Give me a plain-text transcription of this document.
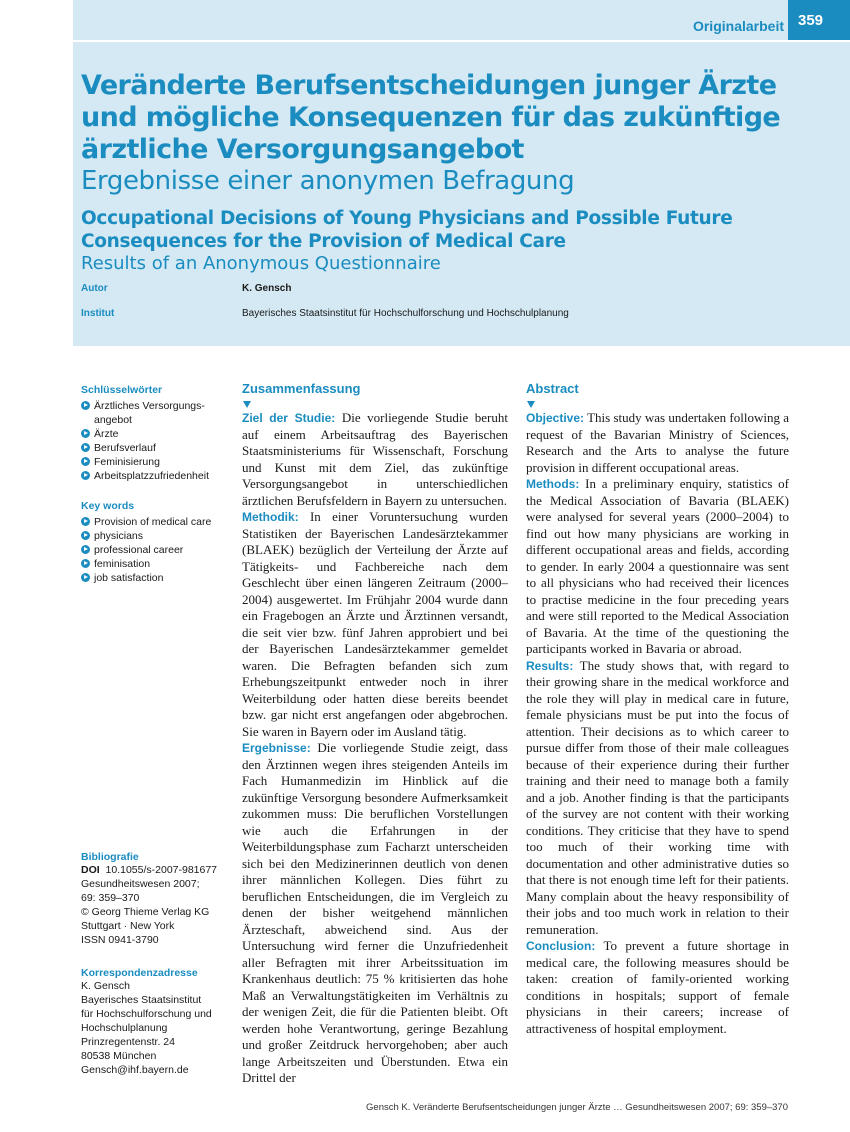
Originalarbeit 359
Veränderte Berufsentscheidungen junger Ärzte und mögliche Konsequenzen für das zukünftige ärztliche Versorgungsangebot
Ergebnisse einer anonymen Befragung
Occupational Decisions of Young Physicians and Possible Future Consequences for the Provision of Medical Care
Results of an Anonymous Questionnaire
Autor	K. Gensch
Institut	Bayerisches Staatsinstitut für Hochschulforschung und Hochschulplanung
Schlüsselwörter
Ärztliches Versorgungs-angebot
Ärzte
Berufsverlauf
Feminisierung
Arbeitsplatzzufriedenheit
Key words
Provision of medical care
physicians
professional career
feminisation
job satisfaction
Bibliografie
DOI 10.1055/s-2007-981677
Gesundheitswesen 2007;
69: 359–370
© Georg Thieme Verlag KG
Stuttgart · New York
ISSN 0941-3790
Korrespondenzadresse
K. Gensch
Bayerisches Staatsinstitut
für Hochschulforschung und
Hochschulplanung
Prinzregentenstr. 24
80538 München
Gensch@ihf.bayern.de
Zusammenfassung
Ziel der Studie: Die vorliegende Studie beruht auf einem Arbeitsauftrag des Bayerischen Staatsministeriums für Wissenschaft, Forschung und Kunst mit dem Ziel, das zukünftige Versorgungsangebot in unterschiedlichen ärztlichen Berufsfeldern in Bayern zu untersuchen.
Methodik: In einer Voruntersuchung wurden Statistiken der Bayerischen Landesärztekammer (BLAEK) bezüglich der Verteilung der Ärzte auf Tätigkeits- und Fachbereiche nach dem Geschlecht über einen längeren Zeitraum (2000–2004) ausgewertet. Im Frühjahr 2004 wurde dann ein Fragebogen an Ärzte und Ärztinnen versandt, die seit vier bzw. fünf Jahren approbiert und bei der Bayerischen Landesärztekammer gemeldet waren. Die Befragten befanden sich zum Erhebungszeitpunkt entweder noch in ihrer Weiterbildung oder hatten diese bereits beendet bzw. gar nicht erst angefangen oder abgebrochen. Sie waren in Bayern oder im Ausland tätig.
Ergebnisse: Die vorliegende Studie zeigt, dass den Ärztinnen wegen ihres steigenden Anteils im Fach Humanmedizin im Hinblick auf die zukünftige Versorgung besondere Aufmerksamkeit zukommen muss: Die beruflichen Vorstellungen wie auch die Erfahrungen in der Weiterbildungsphase zum Facharzt unterscheiden sich bei den Medizinerinnen deutlich von denen ihrer männlichen Kollegen. Dies führt zu beruflichen Entscheidungen, die im Vergleich zu denen der bisher weitgehend männlichen Ärzteschaft, abweichend sind. Aus der Untersuchung wird ferner die Unzufriedenheit aller Befragten mit ihrer Arbeitssituation im Krankenhaus deutlich: 75 % kritisierten das hohe Maß an Verwaltungstätigkeiten im Verhältnis zu der wenigen Zeit, die für die Patienten bleibt. Oft werden hohe Verantwortung, geringe Bezahlung und großer Zeitdruck hervorgehoben; aber auch lange Arbeitszeiten und Überstunden. Etwa ein Drittel der
Abstract
Objective: This study was undertaken following a request of the Bavarian Ministry of Sciences, Research and the Arts to analyse the future provision in different occupational areas.
Methods: In a preliminary enquiry, statistics of the Medical Association of Bavaria (BLAEK) were analysed for several years (2000–2004) to find out how many physicians are working in different occupational areas and fields, according to gender. In early 2004 a questionnaire was sent to all physicians who had received their licences to practise medicine in the four preceding years and were still reported to the Medical Association of Bavaria. At the time of the questioning the participants worked in Bavaria or abroad.
Results: The study shows that, with regard to their growing share in the medical workforce and the role they will play in medical care in future, female physicians must be put into the focus of attention. Their decisions as to which career to pursue differ from those of their male colleagues because of their experience during their further training and their need to manage both a family and a job. Another finding is that the participants of the survey are not content with their working conditions. They criticise that they have to spend too much of their working time with documentation and other administrative duties so that there is not enough time left for their patients. Many complain about the heavy responsibility of their jobs and too much work in relation to their remuneration.
Conclusion: To prevent a future shortage in medical care, the following measures should be taken: creation of family-oriented working conditions in hospitals; support of female physicians in their careers; increase of attractiveness of hospital employment.
Gensch K. Veränderte Berufsentscheidungen junger Ärzte … Gesundheitswesen 2007; 69: 359–370
